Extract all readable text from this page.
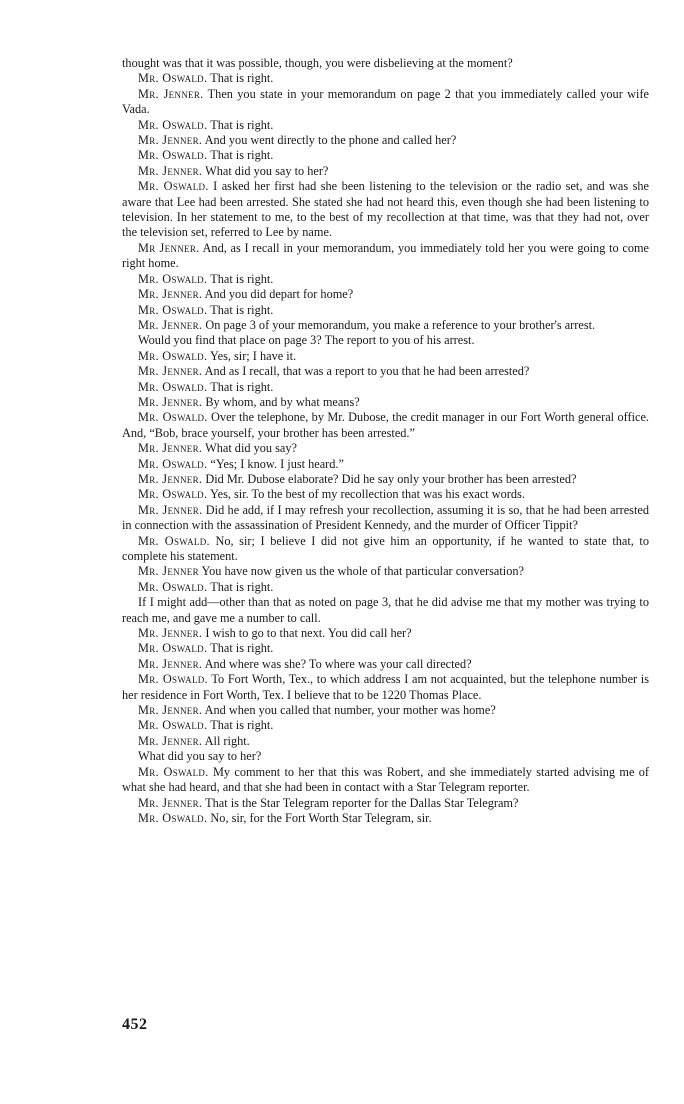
thought was that it was possible, though, you were disbelieving at the moment?

Mr. Oswald. That is right.

Mr. Jenner. Then you state in your memorandum on page 2 that you immediately called your wife Vada.

Mr. Oswald. That is right.

Mr. Jenner. And you went directly to the phone and called her?

Mr. Oswald. That is right.

Mr. Jenner. What did you say to her?

Mr. Oswald. I asked her first had she been listening to the television or the radio set, and was she aware that Lee had been arrested. She stated she had not heard this, even though she had been listening to television. In her statement to me, to the best of my recollection at that time, was that they had not, over the television set, referred to Lee by name.

Mr Jenner. And, as I recall in your memorandum, you immediately told her you were going to come right home.

Mr. Oswald. That is right.

Mr. Jenner. And you did depart for home?

Mr. Oswald. That is right.

Mr. Jenner. On page 3 of your memorandum, you make a reference to your brother's arrest.

Would you find that place on page 3? The report to you of his arrest.

Mr. Oswald. Yes, sir; I have it.

Mr. Jenner. And as I recall, that was a report to you that he had been arrested?

Mr. Oswald. That is right.

Mr. Jenner. By whom, and by what means?

Mr. Oswald. Over the telephone, by Mr. Dubose, the credit manager in our Fort Worth general office. And, “Bob, brace yourself, your brother has been arrested.”

Mr. Jenner. What did you say?

Mr. Oswald. “Yes; I know. I just heard.”

Mr. Jenner. Did Mr. Dubose elaborate? Did he say only your brother has been arrested?

Mr. Oswald. Yes, sir. To the best of my recollection that was his exact words.

Mr. Jenner. Did he add, if I may refresh your recollection, assuming it is so, that he had been arrested in connection with the assassination of President Kennedy, and the murder of Officer Tippit?

Mr. Oswald. No, sir; I believe I did not give him an opportunity, if he wanted to state that, to complete his statement.

Mr. Jenner You have now given us the whole of that particular conversation?

Mr. Oswald. That is right.

If I might add—other than that as noted on page 3, that he did advise me that my mother was trying to reach me, and gave me a number to call.

Mr. Jenner. I wish to go to that next. You did call her?

Mr. Oswald. That is right.

Mr. Jenner. And where was she? To where was your call directed?

Mr. Oswald. To Fort Worth, Tex., to which address I am not acquainted, but the telephone number is her residence in Fort Worth, Tex. I believe that to be 1220 Thomas Place.

Mr. Jenner. And when you called that number, your mother was home?

Mr. Oswald. That is right.

Mr. Jenner. All right.

What did you say to her?

Mr. Oswald. My comment to her that this was Robert, and she immediately started advising me of what she had heard, and that she had been in contact with a Star Telegram reporter.

Mr. Jenner. That is the Star Telegram reporter for the Dallas Star Telegram?

Mr. Oswald. No, sir, for the Fort Worth Star Telegram, sir.

452
